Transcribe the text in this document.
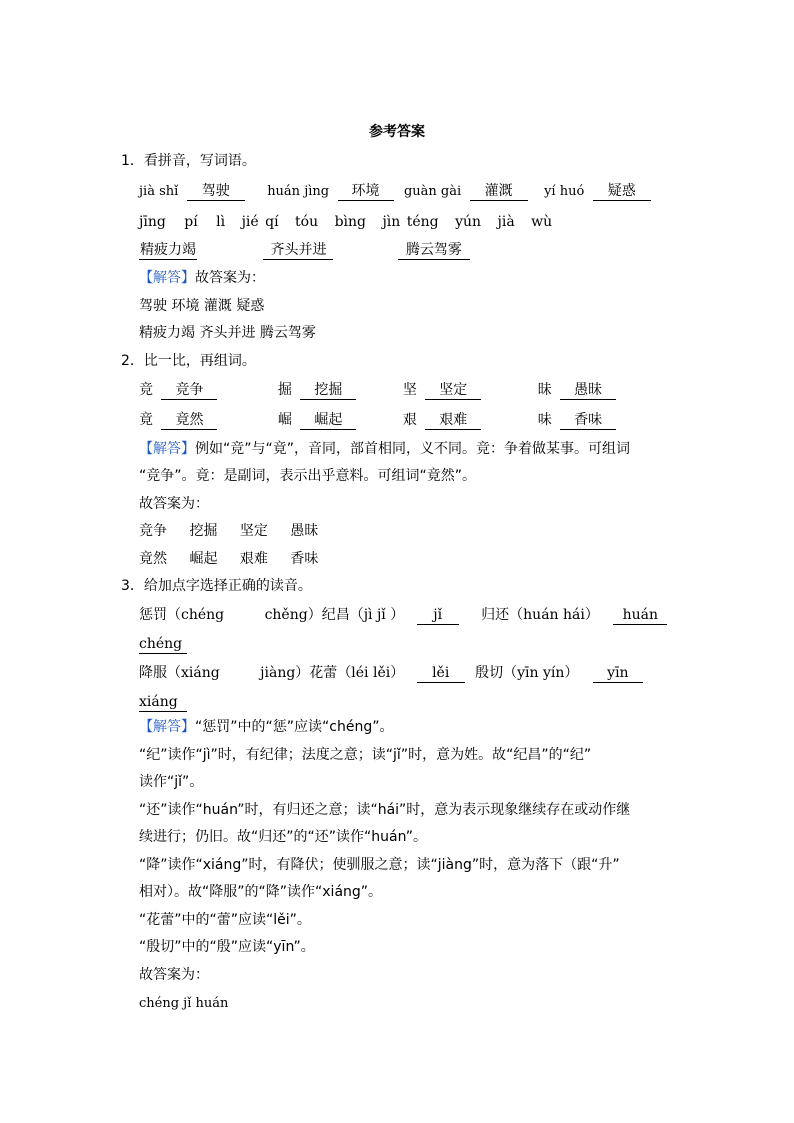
参考答案
1．看拼音，写词语。
jià shǐ 驾驶	huán jìng 环境 guàn gài 灌溉 yí huó 疑惑
jīng pí lì jié qí tóu bìng jìn téng yún jià wù
精疲力竭	齐头并进	腾云驾雾
【解答】故答案为：
驾驶 环境 灌溉 疑惑
精疲力竭 齐头并进 腾云驾雾
2．比一比，再组词。
竞 竞争	掘 挖掘	坚 坚定	昧 愚昧
竟 竟然	崛 崛起	艰 艰难	味 香味
【解答】例如“竞”与“竟”，音同，部首相同，义不同。竞：争着做某事。可组词
“竞争”。竟：是副词，表示出乎意料。可组词“竟然”。
故答案为：
竞争 挖掘 坚定 愚昧
竟然 崛起 艰难 香味
3．给加点字选择正确的读音。
惩罚（chéng	chěng）纪昌（jì jǐ ） jǐ	归还（huán hái） huán
chéng
降服（xiáng	jiàng）花蕾（léi lěi） lěi 殷切（yīn yín） yīn
xiáng
【解答】“惩罚”中的“惩”应读“chéng”。
“纪”读作“jì”时，有纪律；法度之意；读“jǐ”时，意为姓。故“纪昌”的“纪”
读作“jǐ”。
“还”读作“huán”时，有归还之意；读“hái”时，意为表示现象继续存在或动作继
续进行；仍旧。故“归还”的“还”读作“huán”。
“降”读作“xiáng”时，有降伏；使驯服之意；读“jiàng”时，意为落下（跟“升”
相对）。故“降服”的“降”读作“xiáng”。
“花蕾”中的“蕾”应读“lěi”。
“殷切”中的“殷”应读“yīn”。
故答案为：
chéng jǐ huán
